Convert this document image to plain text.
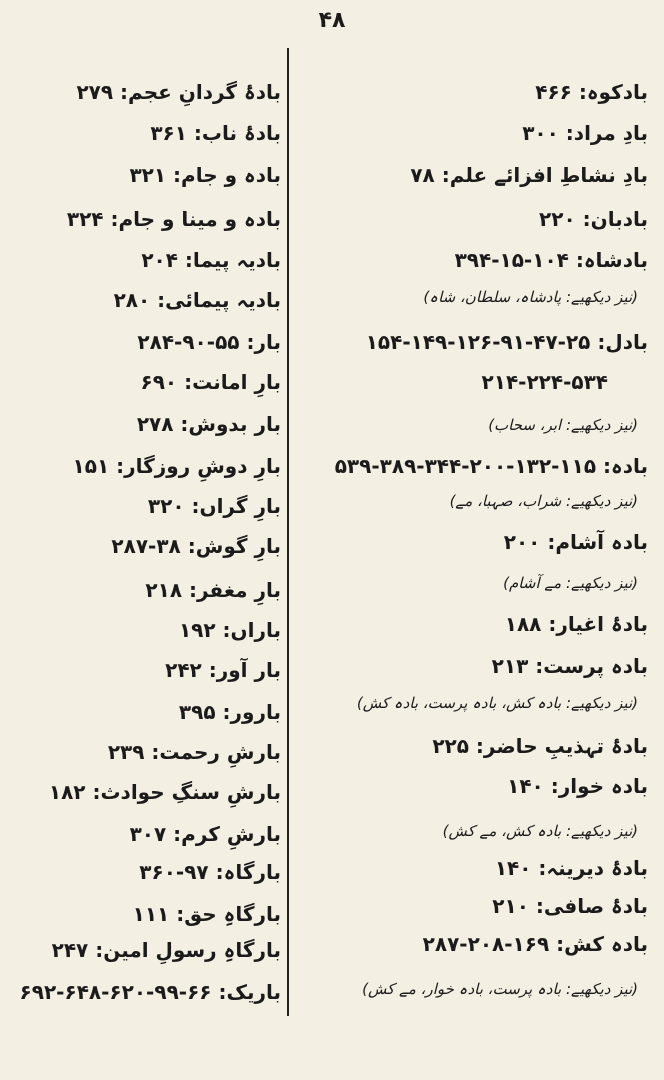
۴۸
بادکوہ: ۴۶۶
بادِ مراد: ۳۰۰
بادِ نشاطِ افزائے علم: ۷۸
بادبان: ۲۲۰
بادشاہ: ۱۰۴-۱۵-۳۹۴
(نیز دیکھیے: پادشاہ، سلطان، شاہ)
بادل: ۲۵-۴۷-۹۱-۱۲۶-۱۴۹-۱۵۴
۲۱۴-۲۲۴-۵۳۴
(نیز دیکھیے: ابر، سحاب)
بادہ: ۱۱۵-۱۳۲-۲۰۰-۳۴۴-۳۸۹-۵۳۹
(نیز دیکھیے: شراب، صہبا، مے)
بادہ آشام: ۲۰۰
(نیز دیکھیے: مے آشام)
بادۂ اغیار: ۱۸۸
بادہ پرست: ۲۱۳
(نیز دیکھیے: بادہ کش، بادہ پرست، بادہ کش)
بادۂ تہذیبِ حاضر: ۲۲۵
بادہ خوار: ۱۴۰
(نیز دیکھیے: بادہ کش، مے کش)
بادۂ دیرینہ: ۱۴۰
بادۂ صافی: ۲۱۰
بادہ کش: ۱۶۹-۲۰۸-۲۸۷
(نیز دیکھیے: بادہ پرست، بادہ خوار، مے کش)
بادۂ گردانِ عجم: ۲۷۹
بادۂ ناب: ۳۶۱
بادہ و جام: ۳۲۱
بادہ و مینا و جام: ۳۲۴
بادیہ پیما: ۲۰۴
بادیہ پیمائی: ۲۸۰
بار: ۵۵-۹۰-۲۸۴
بارِ امانت: ۶۹۰
بار بدوش: ۲۷۸
بارِ دوشِ روزگار: ۱۵۱
بارِ گراں: ۳۲۰
بارِ گوش: ۳۸-۲۸۷
بارِ مغفر: ۲۱۸
باراں: ۱۹۲
بار آور: ۲۴۲
بارور: ۳۹۵
بارشِ رحمت: ۲۳۹
بارشِ سنگِ حوادث: ۱۸۲
بارشِ کرم: ۳۰۷
بارگاہ: ۹۷-۳۶۰
بارگاہِ حق: ۱۱۱
بارگاہِ رسولِ امین: ۲۴۷
باریک: ۶۶-۹۹-۶۲۰-۶۴۸-۶۹۲
